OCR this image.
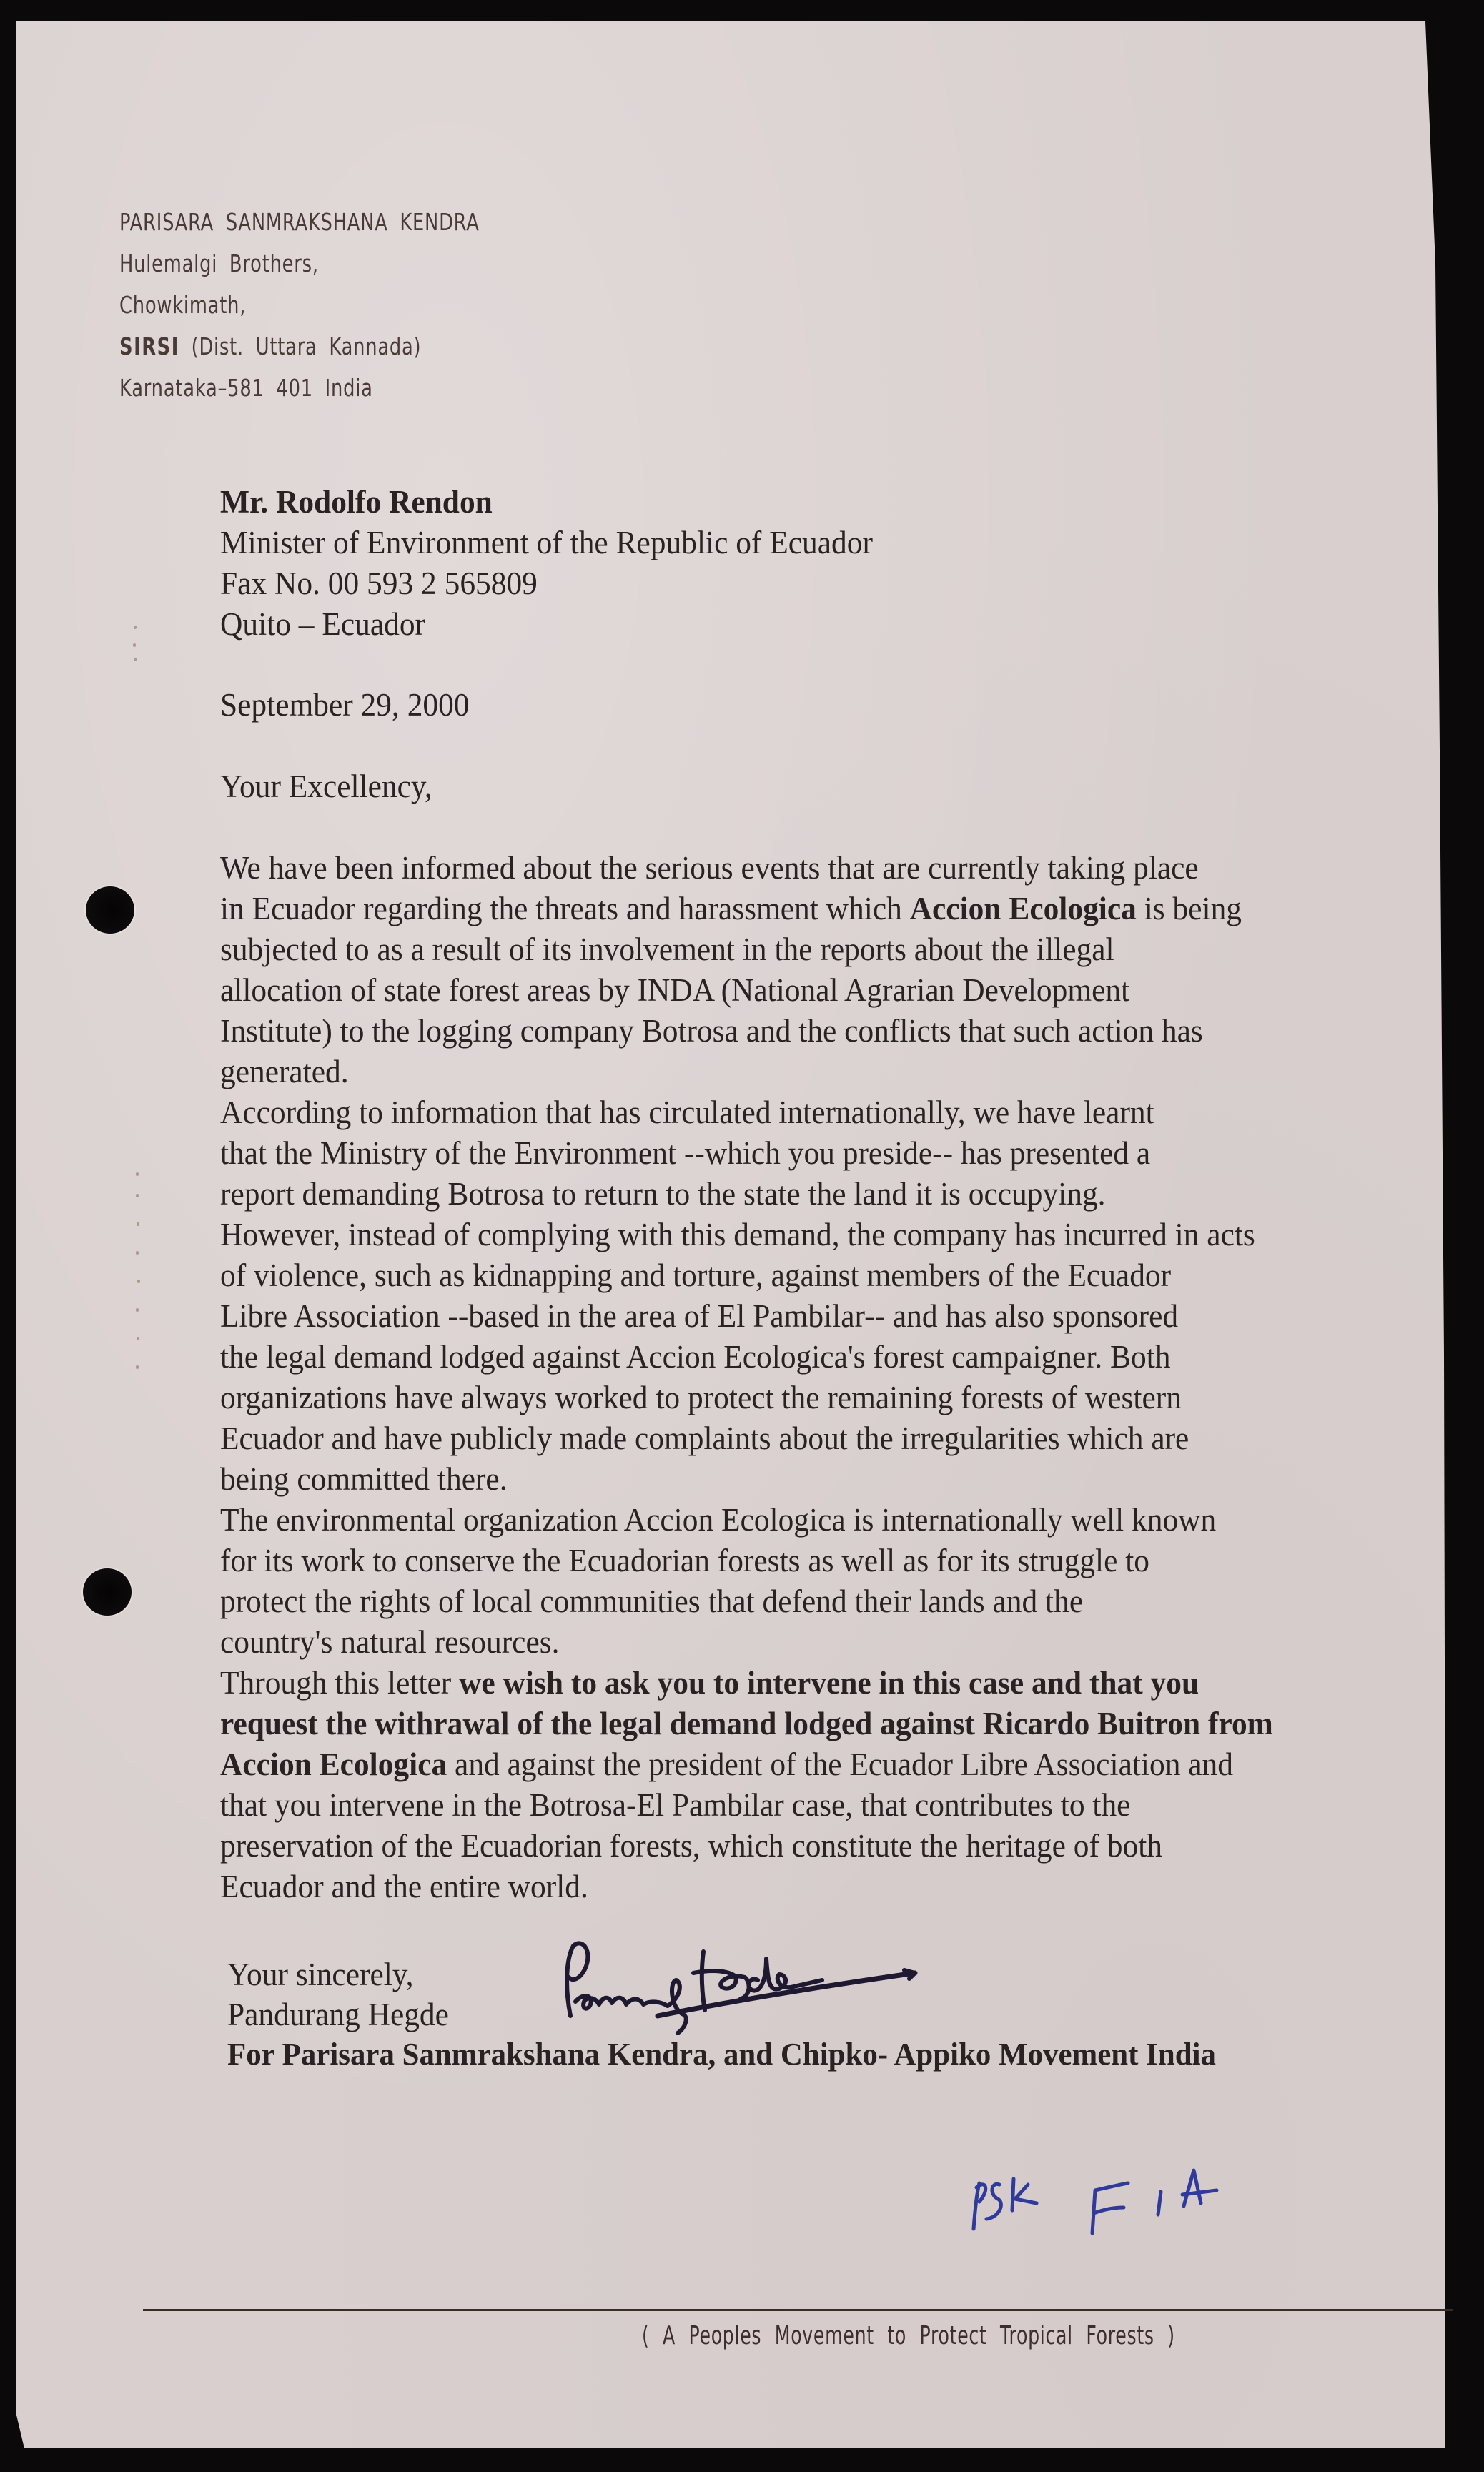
PARISARA SANMRAKSHANA KENDRA
Hulemalgi Brothers,
Chowkimath,
SIRSI (Dist. Uttara Kannada)
Karnataka–581 401 India
Mr. Rodolfo Rendon
Minister of Environment of the Republic of Ecuador
Fax No. 00 593 2 565809
Quito – Ecuador
September 29, 2000
Your Excellency,
We have been informed about the serious events that are currently taking place
in Ecuador regarding the threats and harassment which Accion Ecologica is being
subjected to as a result of its involvement in the reports about the illegal
allocation of state forest areas by INDA (National Agrarian Development
Institute) to the logging company Botrosa and the conflicts that such action has
generated.
According to information that has circulated internationally, we have learnt
that the Ministry of the Environment --which you preside-- has presented a
report demanding Botrosa to return to the state the land it is occupying.
However, instead of complying with this demand, the company has incurred in acts
of violence, such as kidnapping and torture, against members of the Ecuador
Libre Association --based in the area of El Pambilar-- and has also sponsored
the legal demand lodged against Accion Ecologica's forest campaigner. Both
organizations have always worked to protect the remaining forests of western
Ecuador and have publicly made complaints about the irregularities which are
being committed there.
The environmental organization Accion Ecologica is internationally well known
for its work to conserve the Ecuadorian forests as well as for its struggle to
protect the rights of local communities that defend their lands and the
country's natural resources.
Through this letter we wish to ask you to intervene in this case and that you
request the withrawal of the legal demand lodged against Ricardo Buitron from
Accion Ecologica and against the president of the Ecuador Libre Association and
that you intervene in the Botrosa-El Pambilar case, that contributes to the
preservation of the Ecuadorian forests, which constitute the heritage of both
Ecuador and the entire world.
Your sincerely,
Pandurang Hegde
For Parisara Sanmrakshana Kendra, and Chipko- Appiko Movement India
( A Peoples Movement to Protect Tropical Forests )
